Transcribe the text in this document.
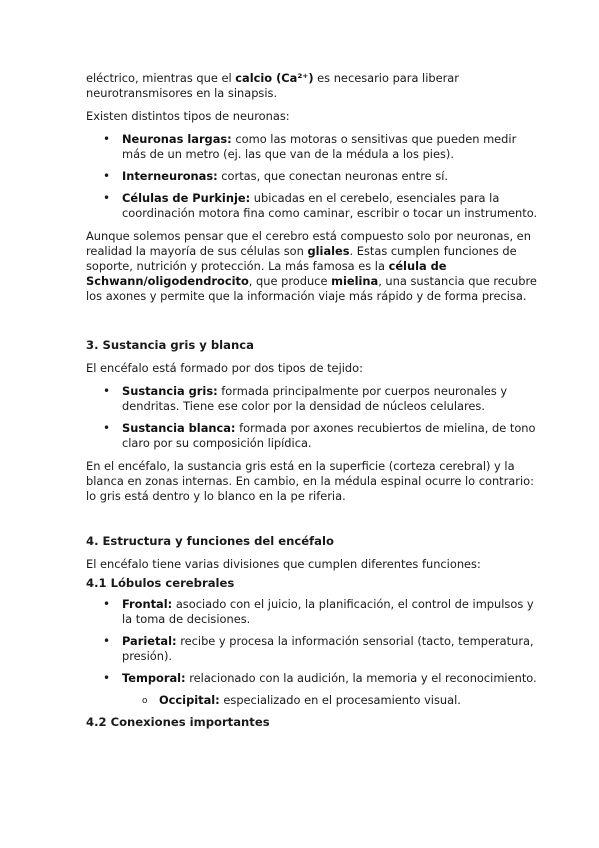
eléctrico, mientras que el calcio (Ca²⁺) es necesario para liberar neurotransmisores en la sinapsis.

Existen distintos tipos de neuronas:

• Neuronas largas: como las motoras o sensitivas que pueden medir más de un metro (ej. las que van de la médula a los pies).
• Interneuronas: cortas, que conectan neuronas entre sí.
• Células de Purkinje: ubicadas en el cerebelo, esenciales para la coordinación motora fina como caminar, escribir o tocar un instrumento.

Aunque solemos pensar que el cerebro está compuesto solo por neuronas, en realidad la mayoría de sus células son gliales. Estas cumplen funciones de soporte, nutrición y protección. La más famosa es la célula de Schwann/oligodendrocito, que produce mielina, una sustancia que recubre los axones y permite que la información viaje más rápido y de forma precisa.

3. Sustancia gris y blanca

El encéfalo está formado por dos tipos de tejido:

• Sustancia gris: formada principalmente por cuerpos neuronales y dendritas. Tiene ese color por la densidad de núcleos celulares.
• Sustancia blanca: formada por axones recubiertos de mielina, de tono claro por su composición lipídica.

En el encéfalo, la sustancia gris está en la superficie (corteza cerebral) y la blanca en zonas internas. En cambio, en la médula espinal ocurre lo contrario: lo gris está dentro y lo blanco en la pe riferia.

4. Estructura y funciones del encéfalo

El encéfalo tiene varias divisiones que cumplen diferentes funciones:

4.1 Lóbulos cerebrales
• Frontal: asociado con el juicio, la planificación, el control de impulsos y la toma de decisiones.
• Parietal: recibe y procesa la información sensorial (tacto, temperatura, presión).
• Temporal: relacionado con la audición, la memoria y el reconocimiento.
o Occipital: especializado en el procesamiento visual.
4.2 Conexiones importantes
